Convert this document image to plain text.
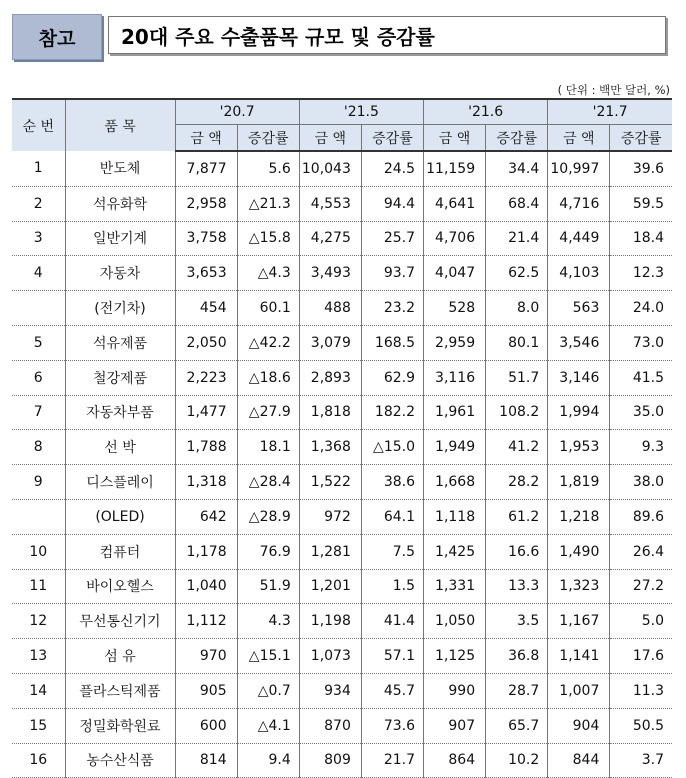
참고	20대 주요 수출품목 규모 및 증감률
( 단위 : 백만 달러, %)
순 번	품 목	'20.7		'21.5		'21.6		'21.7	
		금 액	증감률	금 액	증감률	금 액	증감률	금 액	증감률
1	반도체	7,877	5.6	10,043	24.5	11,159	34.4	10,997	39.6
2	석유화학	2,958	△21.3	4,553	94.4	4,641	68.4	4,716	59.5
3	일반기계	3,758	△15.8	4,275	25.7	4,706	21.4	4,449	18.4
4	자동차	3,653	△4.3	3,493	93.7	4,047	62.5	4,103	12.3
	(전기차)	454	60.1	488	23.2	528	8.0	563	24.0
5	석유제품	2,050	△42.2	3,079	168.5	2,959	80.1	3,546	73.0
6	철강제품	2,223	△18.6	2,893	62.9	3,116	51.7	3,146	41.5
7	자동차부품	1,477	△27.9	1,818	182.2	1,961	108.2	1,994	35.0
8	선 박	1,788	18.1	1,368	△15.0	1,949	41.2	1,953	9.3
9	디스플레이	1,318	△28.4	1,522	38.6	1,668	28.2	1,819	38.0
	(OLED)	642	△28.9	972	64.1	1,118	61.2	1,218	89.6
10	컴퓨터	1,178	76.9	1,281	7.5	1,425	16.6	1,490	26.4
11	바이오헬스	1,040	51.9	1,201	1.5	1,331	13.3	1,323	27.2
12	무선통신기기	1,112	4.3	1,198	41.4	1,050	3.5	1,167	5.0
13	섬 유	970	△15.1	1,073	57.1	1,125	36.8	1,141	17.6
14	플라스틱제품	905	△0.7	934	45.7	990	28.7	1,007	11.3
15	정밀화학원료	600	△4.1	870	73.6	907	65.7	904	50.5
16	농수산식품	814	9.4	809	21.7	864	10.2	844	3.7
